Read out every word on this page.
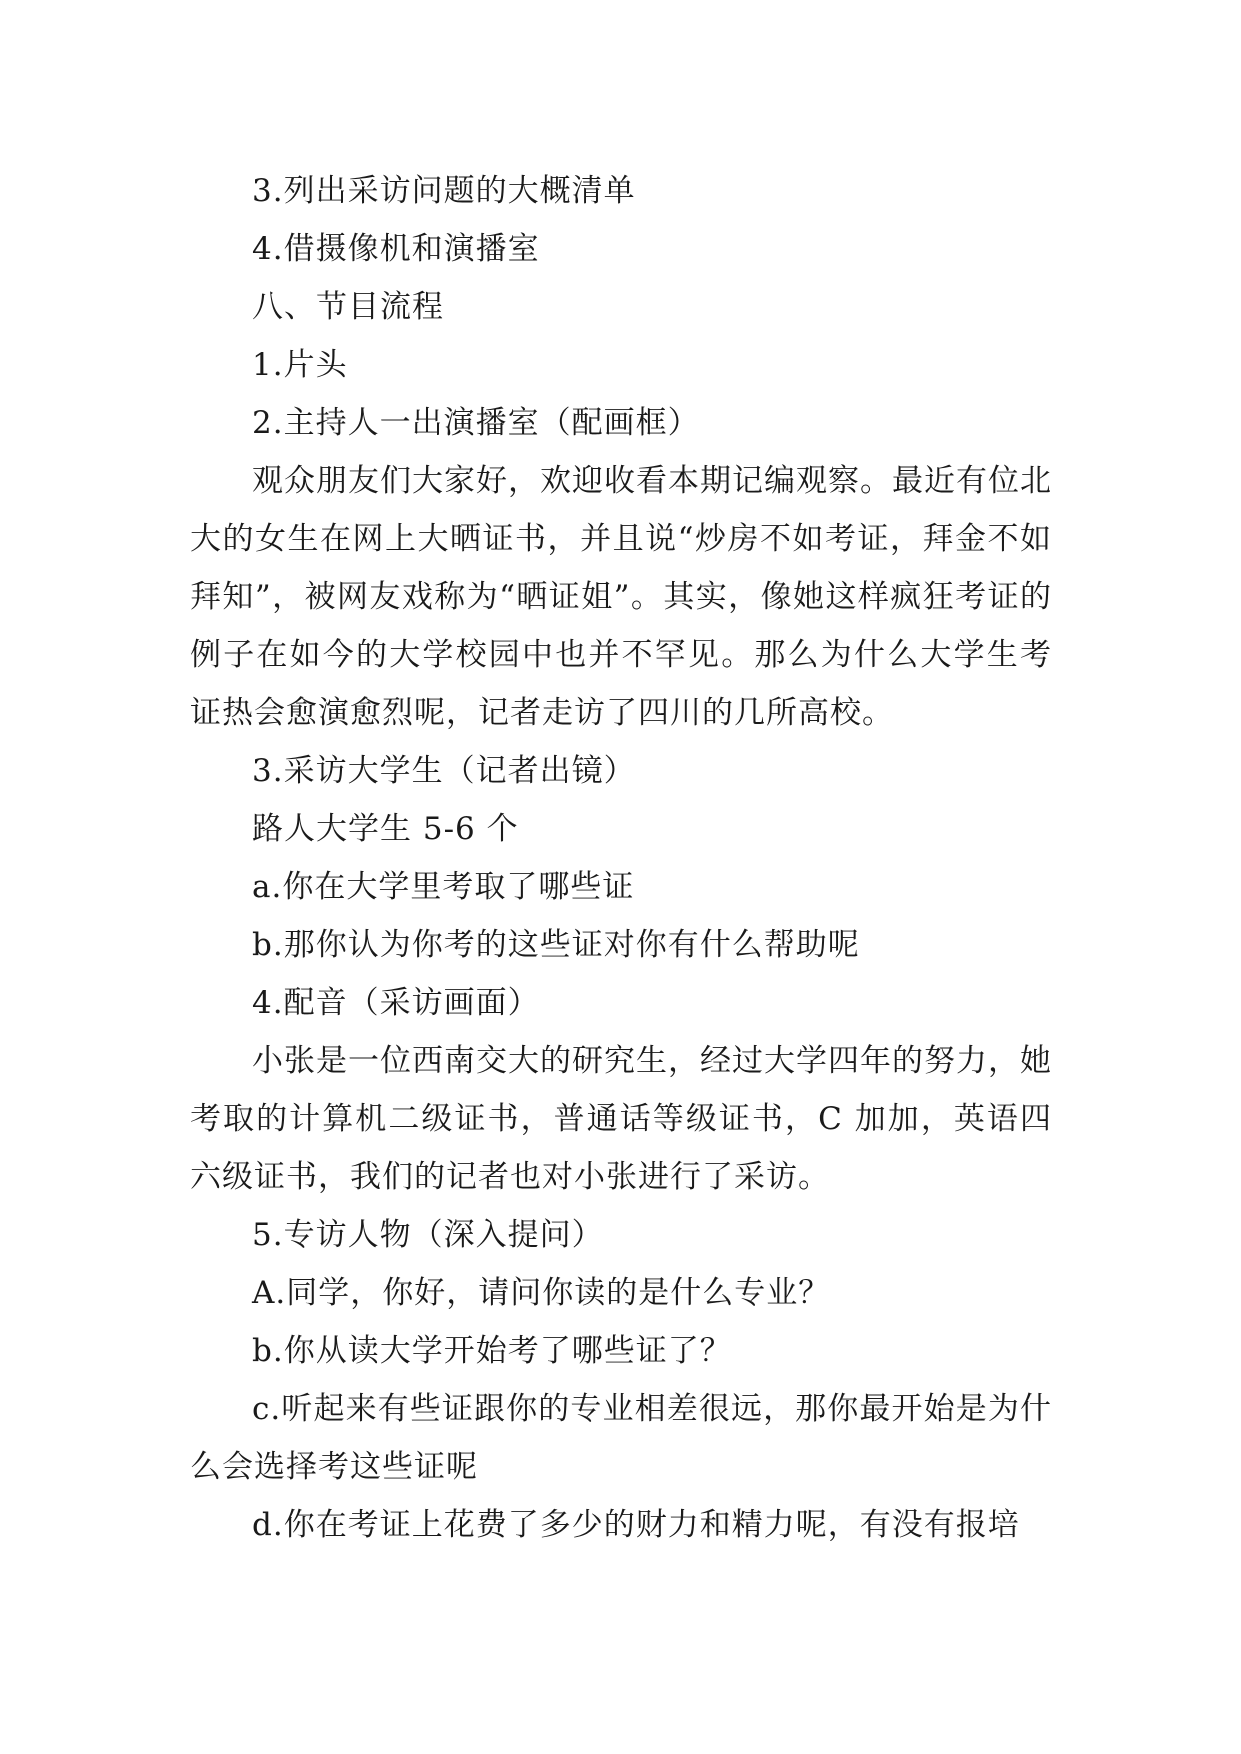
3.列出采访问题的大概清单

4.借摄像机和演播室

八、节目流程

1.片头

2.主持人一出演播室（配画框）

观众朋友们大家好，欢迎收看本期记编观察。最近有位北大的女生在网上大晒证书，并且说“炒房不如考证，拜金不如拜知”，被网友戏称为“晒证姐”。其实，像她这样疯狂考证的例子在如今的大学校园中也并不罕见。那么为什么大学生考证热会愈演愈烈呢，记者走访了四川的几所高校。

3.采访大学生（记者出镜）

路人大学生 5-6 个

a.你在大学里考取了哪些证

b.那你认为你考的这些证对你有什么帮助呢

4.配音（采访画面）

小张是一位西南交大的研究生，经过大学四年的努力，她考取的计算机二级证书，普通话等级证书，C 加加，英语四六级证书，我们的记者也对小张进行了采访。

5.专访人物（深入提问）

A.同学，你好，请问你读的是什么专业？

b.你从读大学开始考了哪些证了？

c.听起来有些证跟你的专业相差很远，那你最开始是为什么会选择考这些证呢

d.你在考证上花费了多少的财力和精力呢，有没有报培
